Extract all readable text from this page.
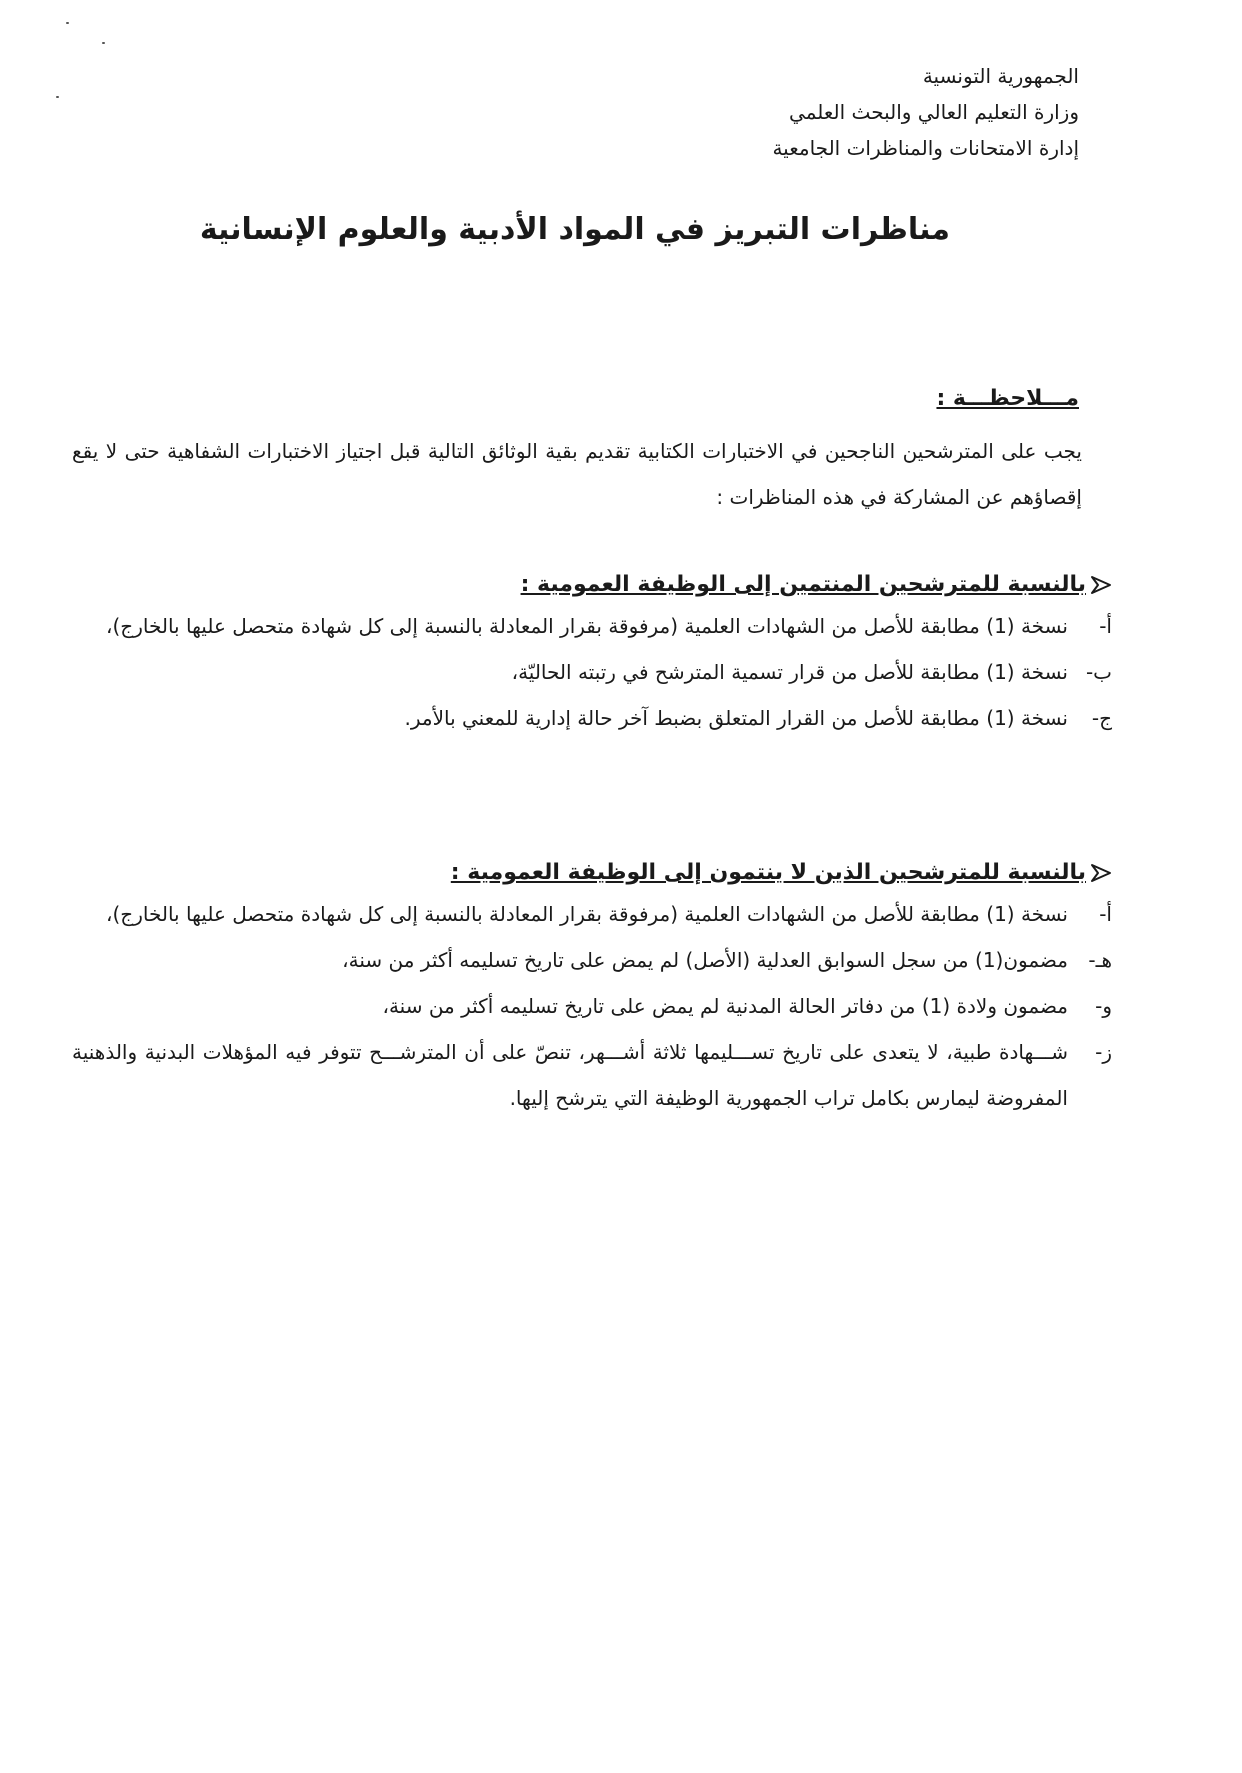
الجمهورية التونسية
وزارة التعليم العالي والبحث العلمي
إدارة الامتحانات والمناظرات الجامعية
مناظرات التبريز في المواد الأدبية والعلوم الإنسانية
مـــلاحظـــة :
يجب على المترشحين الناجحين في الاختبارات الكتابية تقديم بقية الوثائق التالية قبل اجتياز الاختبارات الشفاهية حتى لا يقع إقصاؤهم عن المشاركة في هذه المناظرات :
بالنسبة للمترشحين المنتمين إلى الوظيفة العمومية :
أ-
نسخة (1) مطابقة للأصل من الشهادات العلمية (مرفوقة بقرار المعادلة بالنسبة إلى كل شهادة متحصل عليها بالخارج)،
ب-
نسخة (1) مطابقة للأصل من قرار تسمية المترشح في رتبته الحاليّة،
ج-
نسخة (1) مطابقة للأصل من القرار المتعلق بضبط آخر حالة إدارية للمعني بالأمر.
بالنسبة للمترشحين الذين لا ينتمون إلى الوظيفة العمومية :
أ-
نسخة (1) مطابقة للأصل من الشهادات العلمية (مرفوقة بقرار المعادلة بالنسبة إلى كل شهادة متحصل عليها بالخارج)،
هـ-
مضمون(1) من سجل السوابق العدلية (الأصل) لم يمض على تاريخ تسليمه أكثر من سنة،
و-
مضمون ولادة (1) من دفاتر الحالة المدنية لم يمض على تاريخ تسليمه أكثر من سنة،
ز-
شـــهادة طبية، لا يتعدى على تاريخ تســـليمها ثلاثة أشـــهر، تنصّ على أن المترشـــح تتوفر فيه المؤهلات البدنية والذهنية المفروضة ليمارس بكامل تراب الجمهورية الوظيفة التي يترشح إليها.
